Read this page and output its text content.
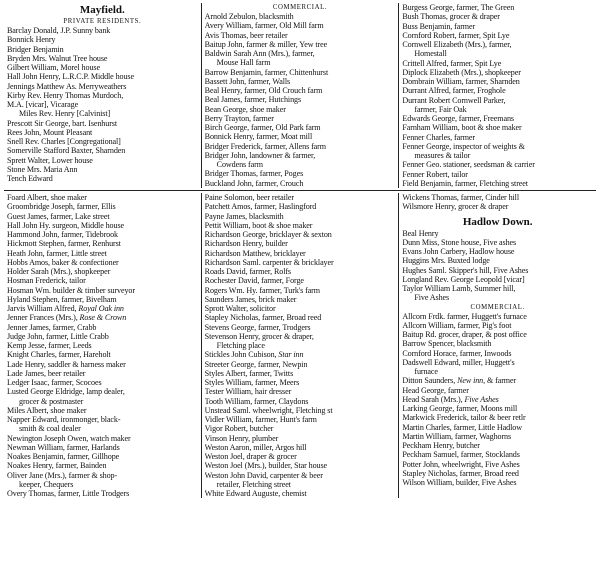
Mayfield.
PRIVATE RESIDENTS.
Barclay Donald, J.P. Sunny bank
Bonnick Henry
Bridger Benjamin
Bryden Mrs. Walnut Tree house
Gilbert William, Morel house
Hall John Henry, L.R.C.P. Middle house
Jennings Matthew As. Merryweathers
Kirby Rev. Henry Thomas Murdoch,
M.A. [vicar], Vicarage
Miles Rev. Henry [Calvinist]
Prescott Sir George, bart. Isenhurst
Rees John, Mount Pleasant
Snell Rev. Charles [Congregational]
Somerville Stafford Baxter, Sharnden
Sprett Walter, Lower house
Stone Mrs. Maria Ann
Tench Edward
COMMERCIAL.
Arnold Zebulon, blacksmith
Avery William, farmer, Old Mill farm
Avis Thomas, beer retailer
Baitup John, farmer & miller, Yew tree
Baldwin Sarah Ann (Mrs.), farmer,
Mouse Hall farm
Barrow Benjamin, farmer, Chittenhurst
Bassett John, farmer, Walls
Beal Henry, farmer, Old Crouch farm
Beal James, farmer, Hutchings
Bean George, shoe maker
Berry Trayton, farmer
Birch George, farmer, Old Park farm
Bonnick Henry, farmer, Moat mill
Bridger Frederick, farmer, Allens farm
Bridger John, landowner & farmer,
Cowdens farm
Bridger Thomas, farmer, Poges
Buckland John, farmer, Crouch
Burgess George, farmer, The Green
Bush Thomas, grocer & draper
Buss Benjamin, farmer
Cornford Robert, farmer, Spit Lye
Cornwell Elizabeth (Mrs.), farmer,
Homestall
Crittell Alfred, farmer, Spit Lye
Diplock Elizabeth (Mrs.), shopkeeper
Dombrain William, farmer, Sharnden
Durrant Alfred, farmer, Froghole
Durrant Robert Cornwell Parker,
farmer, Fair Oak
Edwards George, farmer, Freemans
Farnham William, boot & shoe maker
Fenner Charles, farmer
Fenner George, inspector of weights &
measures & tailor
Fenner Geo. stationer, seedsman & carrier
Fenner Robert, tailor
Field Benjamin, farmer, Fletching street
Foard Albert, shoe maker
Groombridge Joseph, farmer, Ellis
Guest James, farmer, Lake street
Hall John Hy. surgeon, Middle house
Hammond John, farmer, Tidebrook
Hickmott Stephen, farmer, Renhurst
Heath John, farmer, Little street
Hobbs Amos, baker & confectioner
Holder Sarah (Mrs.), shopkeeper
Hosman Frederick, tailor
Hosman Wm. builder & timber surveyor
Hyland Stephen, farmer, Bivelham
Jarvis William Alfred, Royal Oak inn
Jenner Frances (Mrs.), Rose & Crown
Jenner James, farmer, Crabb
Judge John, farmer, Little Crabb
Kemp Jesse, farmer, Leeds
Knight Charles, farmer, Hareholt
Lade Henry, saddler & harness maker
Lade James, beer retailer
Ledger Isaac, farmer, Scocoes
Lusted George Eldridge, lamp dealer,
grocer & postmaster
Miles Albert, shoe maker
Napper Edward, ironmonger, black-
smith & coal dealer
Newington Joseph Owen, watch maker
Newman William, farmer, Harlands
Noakes Benjamin, farmer, Gillhope
Noakes Henry, farmer, Bainden
Oliver Jane (Mrs.), farmer & shop-
keeper, Chequers
Overy Thomas, farmer, Little Trodgers
Paine Solomon, beer retailer
Patchett Amos, farmer, Haslingford
Payne James, blacksmith
Pettit William, boot & shoe maker
Richardson George, bricklayer & sexton
Richardson Henry, builder
Richardson Matthew, bricklayer
Richardson Saml. carpenter & bricklayer
Roads David, farmer, Rolfs
Rochester David, farmer, Forge
Rogers Wm. Hy. farmer, Turk's farm
Saunders James, brick maker
Sprott Walter, solicitor
Stapley Nicholas, farmer, Broad reed
Stevens George, farmer, Trodgers
Stevenson Henry, grocer & draper,
Fletching place
Stickles John Cubison, Star inn
Streeter George, farmer, Newpin
Styles Albert, farmer, Twitts
Styles William, farmer, Meers
Tester William, hair dresser
Tooth William, farmer, Claydons
Unstead Saml. wheelwright, Fletching st
Vidler William, farmer, Hunt's farm
Vigor Robert, butcher
Vinson Henry, plumber
Weston Aaron, miller, Argos hill
Weston Joel, draper & grocer
Weston Joel (Mrs.), builder, Star house
Weston John David, carpenter & beer
retailer, Fletching street
White Edward Auguste, chemist
Wickens Thomas, farmer, Cinder hill
Wilsmore Henry, grocer & draper
Hadlow Down.
Beal Henry
Dunn Miss, Stone house, Five ashes
Evans John Carbery, Hadlow house
Huggins Mrs. Buxted lodge
Hughes Saml. Skipper's hill, Five Ashes
Longland Rev. George Leopold [vicar]
Taylor William Lamb, Summer hill,
Five Ashes
COMMERCIAL.
Allcorn Frdk. farmer, Huggett's furnace
Allcorn William, farmer, Pig's foot
Baitup Rd. grocer, draper, & post office
Barrow Spencer, blacksmith
Cornford Horace, farmer, Inwoods
Dadswell Edward, miller, Huggett's
furnace
Ditton Saunders, New inn, & farmer
Head George, farmer
Head Sarah (Mrs.), Five Ashes
Larking George, farmer, Moons mill
Markwick Frederick, tailor & beer retlr
Martin Charles, farmer, Little Hadlow
Martin William, farmer, Waghorns
Peckham Henry, butcher
Peckham Samuel, farmer, Stocklands
Potter John, wheelwright, Five Ashes
Stapley Nicholas, farmer, Broad reed
Wilson William, builder, Five Ashes
